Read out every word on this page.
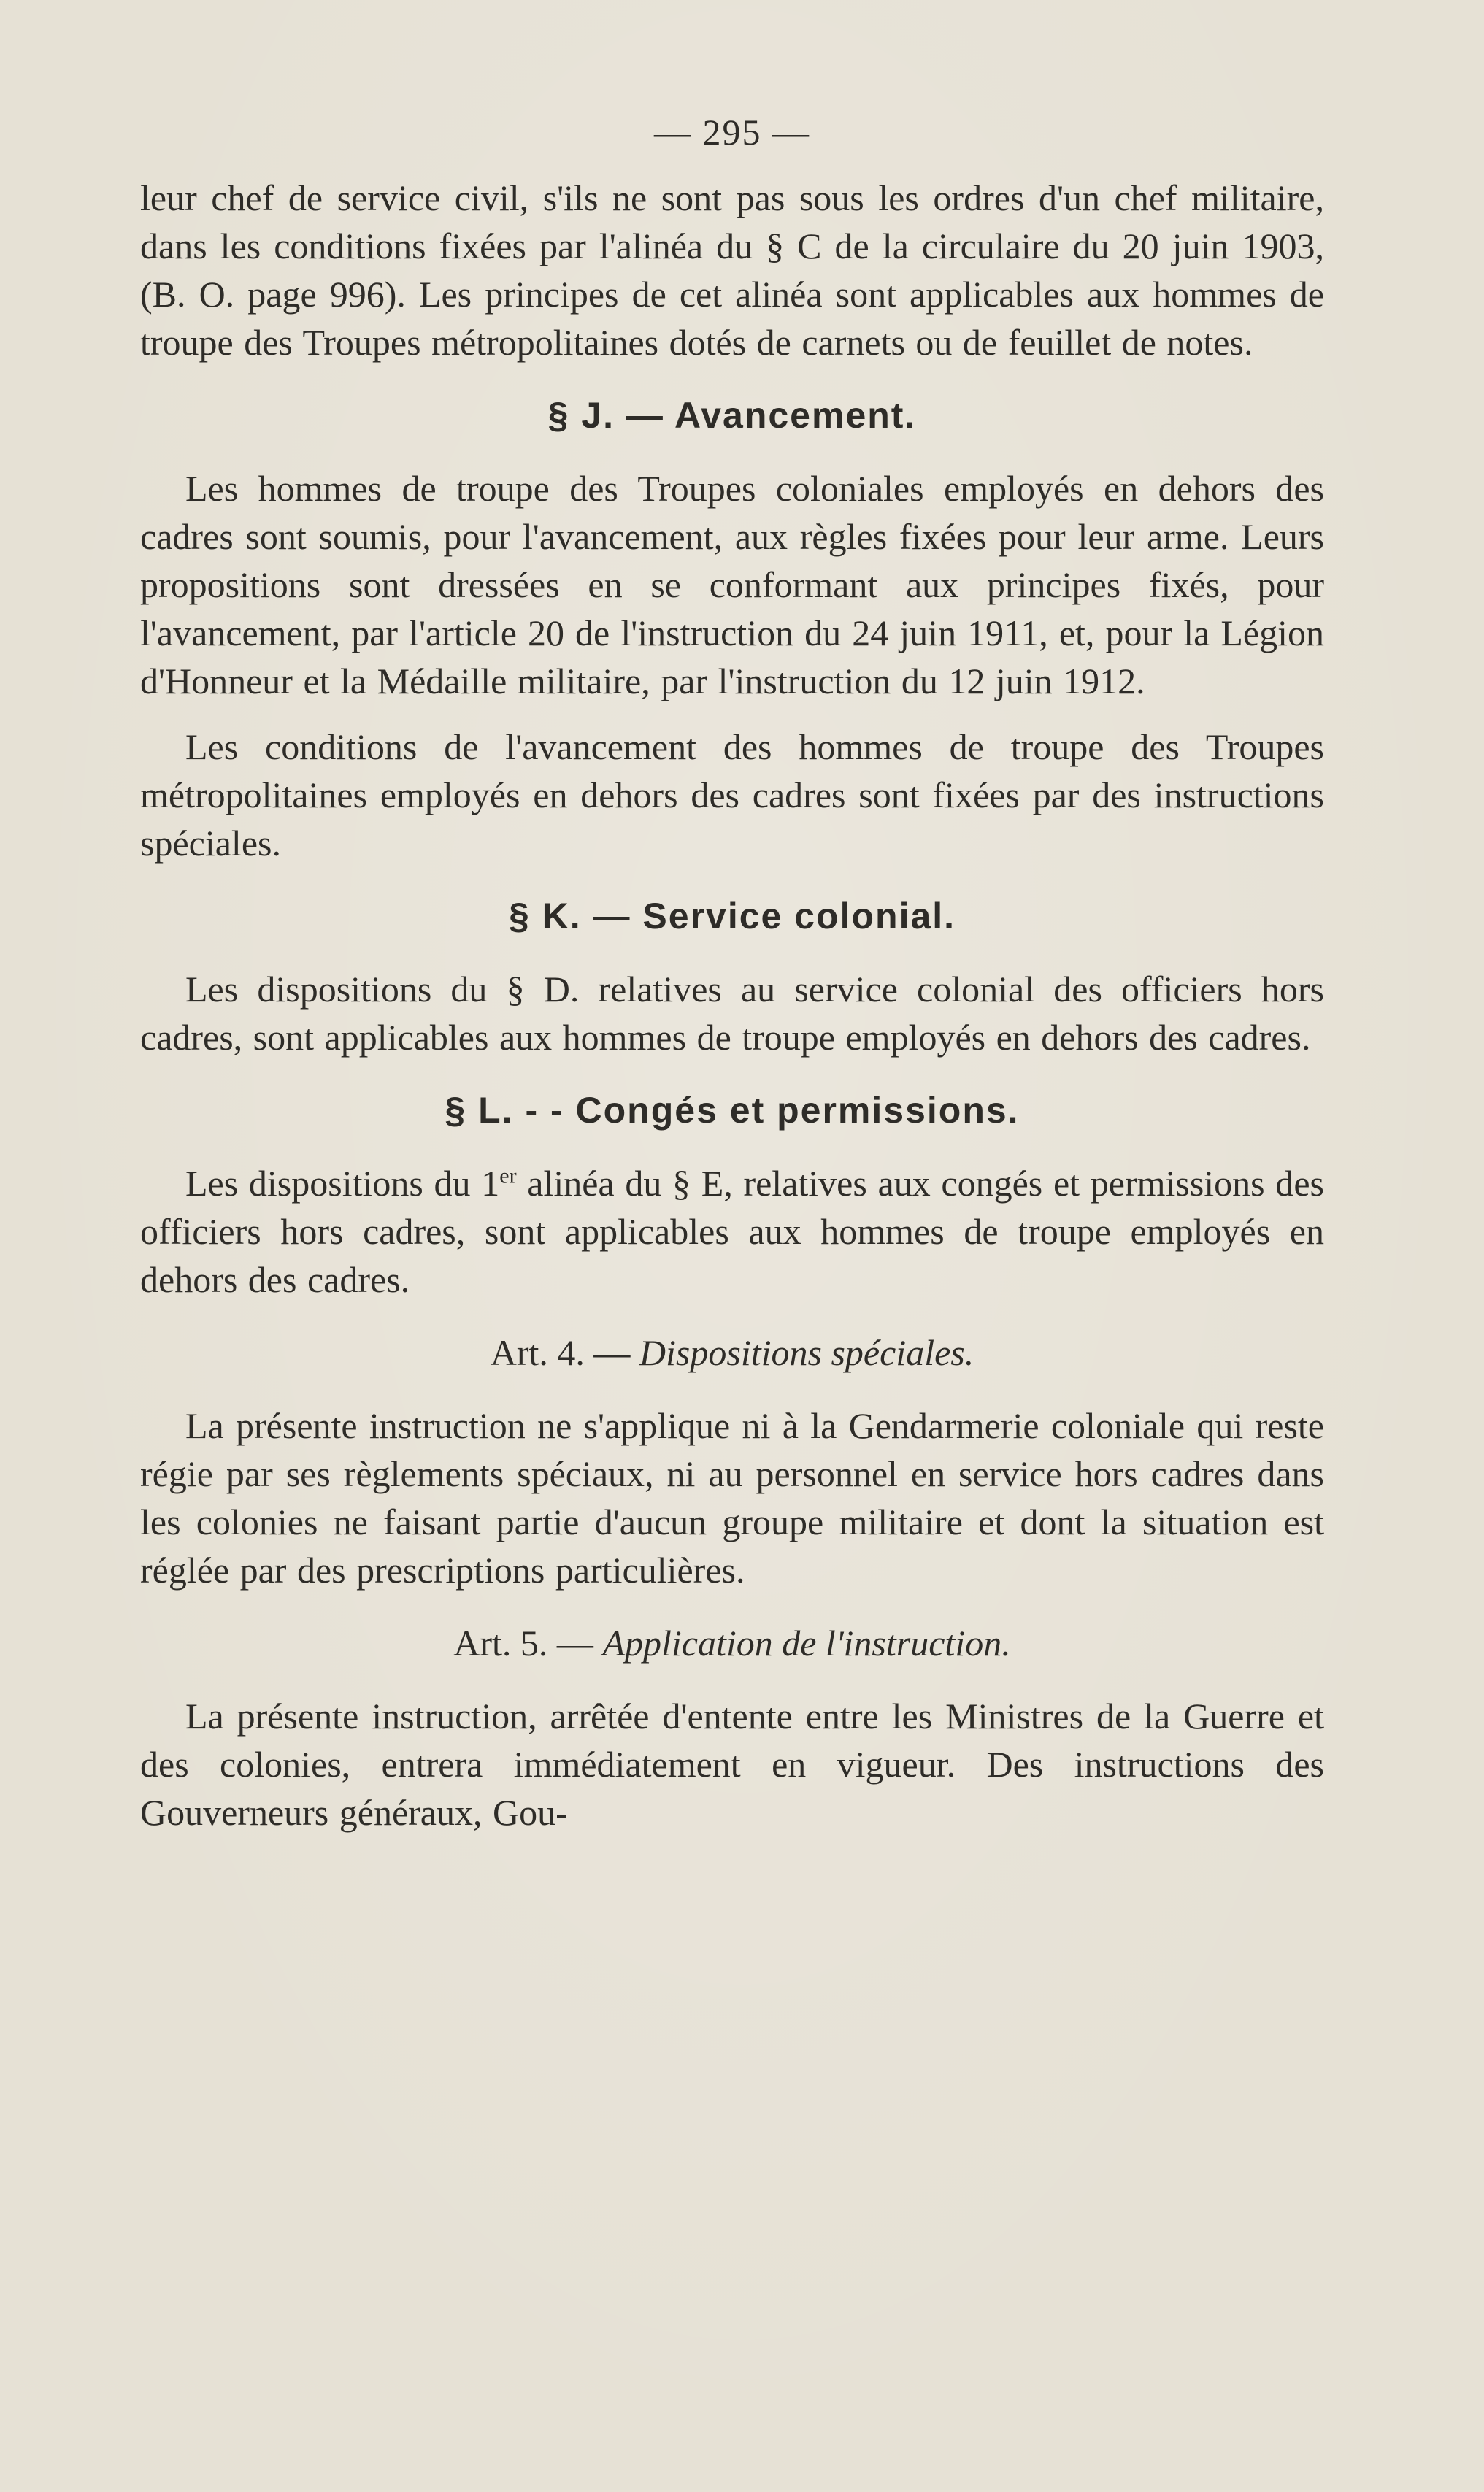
— 295 —

leur chef de service civil, s'ils ne sont pas sous les ordres d'un chef militaire, dans les conditions fixées par l'alinéa du § C de la circulaire du 20 juin 1903, (B. O. page 996). Les principes de cet alinéa sont applicables aux hommes de troupe des Troupes métropolitaines dotés de carnets ou de feuillet de notes.

§ J. — Avancement.

Les hommes de troupe des Troupes coloniales employés en dehors des cadres sont soumis, pour l'avancement, aux règles fixées pour leur arme. Leurs propositions sont dressées en se conformant aux principes fixés, pour l'avancement, par l'article 20 de l'instruction du 24 juin 1911, et, pour la Légion d'Honneur et la Médaille militaire, par l'instruction du 12 juin 1912.

Les conditions de l'avancement des hommes de troupe des Troupes métropolitaines employés en dehors des cadres sont fixées par des instructions spéciales.

§ K. — Service colonial.

Les dispositions du § D. relatives au service colonial des officiers hors cadres, sont applicables aux hommes de troupe employés en dehors des cadres.

§ L. - - Congés et permissions.

Les dispositions du 1er alinéa du § E, relatives aux congés et permissions des officiers hors cadres, sont applicables aux hommes de troupe employés en dehors des cadres.

Art. 4. — Dispositions spéciales.

La présente instruction ne s'applique ni à la Gendarmerie coloniale qui reste régie par ses règlements spéciaux, ni au personnel en service hors cadres dans les colonies ne faisant partie d'aucun groupe militaire et dont la situation est réglée par des prescriptions particulières.

Art. 5. — Application de l'instruction.

La présente instruction, arrêtée d'entente entre les Ministres de la Guerre et des colonies, entrera immédiatement en vigueur. Des instructions des Gouverneurs généraux, Gou-
